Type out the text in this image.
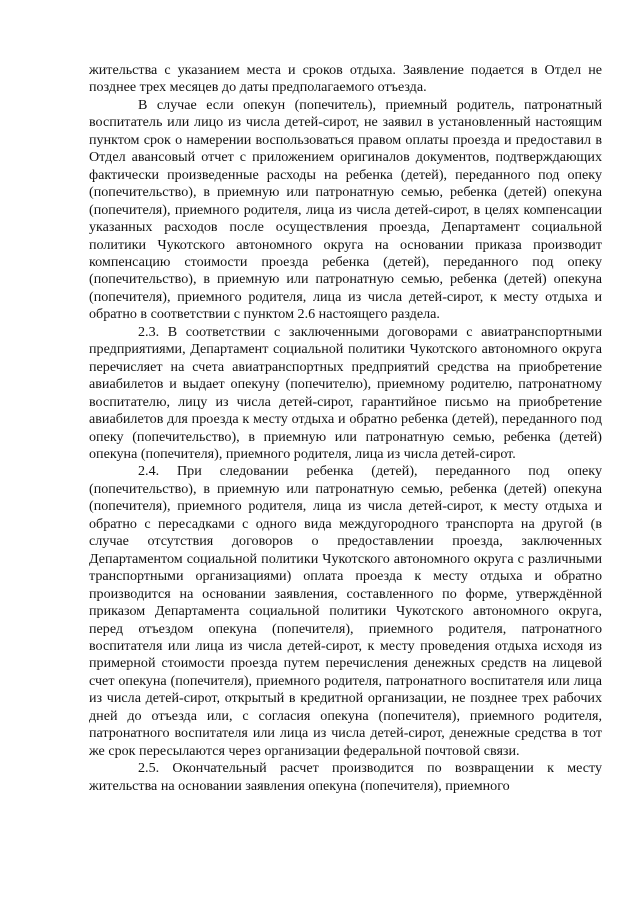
жительства с указанием места и сроков отдыха. Заявление подается в Отдел не позднее трех месяцев до даты предполагаемого отъезда.

В случае если опекун (попечитель), приемный родитель, патронатный воспитатель или лицо из числа детей-сирот, не заявил в установленный настоящим пунктом срок о намерении воспользоваться правом оплаты проезда и предоставил в Отдел авансовый отчет с приложением оригиналов документов, подтверждающих фактически произведенные расходы на ребенка (детей), переданного под опеку (попечительство), в приемную или патронатную семью, ребенка (детей) опекуна (попечителя), приемного родителя, лица из числа детей-сирот, в целях компенсации указанных расходов после осуществления проезда, Департамент социальной политики Чукотского автономного округа на основании приказа производит компенсацию стоимости проезда ребенка (детей), переданного под опеку (попечительство), в приемную или патронатную семью, ребенка (детей) опекуна (попечителя), приемного родителя, лица из числа детей-сирот, к месту отдыха и обратно в соответствии с пунктом 2.6 настоящего раздела.

2.3. В соответствии с заключенными договорами с авиатранспортными предприятиями, Департамент социальной политики Чукотского автономного округа перечисляет на счета авиатранспортных предприятий средства на приобретение авиабилетов и выдает опекуну (попечителю), приемному родителю, патронатному воспитателю, лицу из числа детей-сирот, гарантийное письмо на приобретение авиабилетов для проезда к месту отдыха и обратно ребенка (детей), переданного под опеку (попечительство), в приемную или патронатную семью, ребенка (детей) опекуна (попечителя), приемного родителя, лица из числа детей-сирот.

2.4. При следовании ребенка (детей), переданного под опеку (попечительство), в приемную или патронатную семью, ребенка (детей) опекуна (попечителя), приемного родителя, лица из числа детей-сирот, к месту отдыха и обратно с пересадками с одного вида междугородного транспорта на другой (в случае отсутствия договоров о предоставлении проезда, заключенных Департаментом социальной политики Чукотского автономного округа с различными транспортными организациями) оплата проезда к месту отдыха и обратно производится на основании заявления, составленного по форме, утверждённой приказом Департамента социальной политики Чукотского автономного округа, перед отъездом опекуна (попечителя), приемного родителя, патронатного воспитателя или лица из числа детей-сирот, к месту проведения отдыха исходя из примерной стоимости проезда путем перечисления денежных средств на лицевой счет опекуна (попечителя), приемного родителя, патронатного воспитателя или лица из числа детей-сирот, открытый в кредитной организации, не позднее трех рабочих дней до отъезда или, с согласия опекуна (попечителя), приемного родителя, патронатного воспитателя или лица из числа детей-сирот, денежные средства в тот же срок пересылаются через организации федеральной почтовой связи.

2.5. Окончательный расчет производится по возвращении к месту жительства на основании заявления опекуна (попечителя), приемного
